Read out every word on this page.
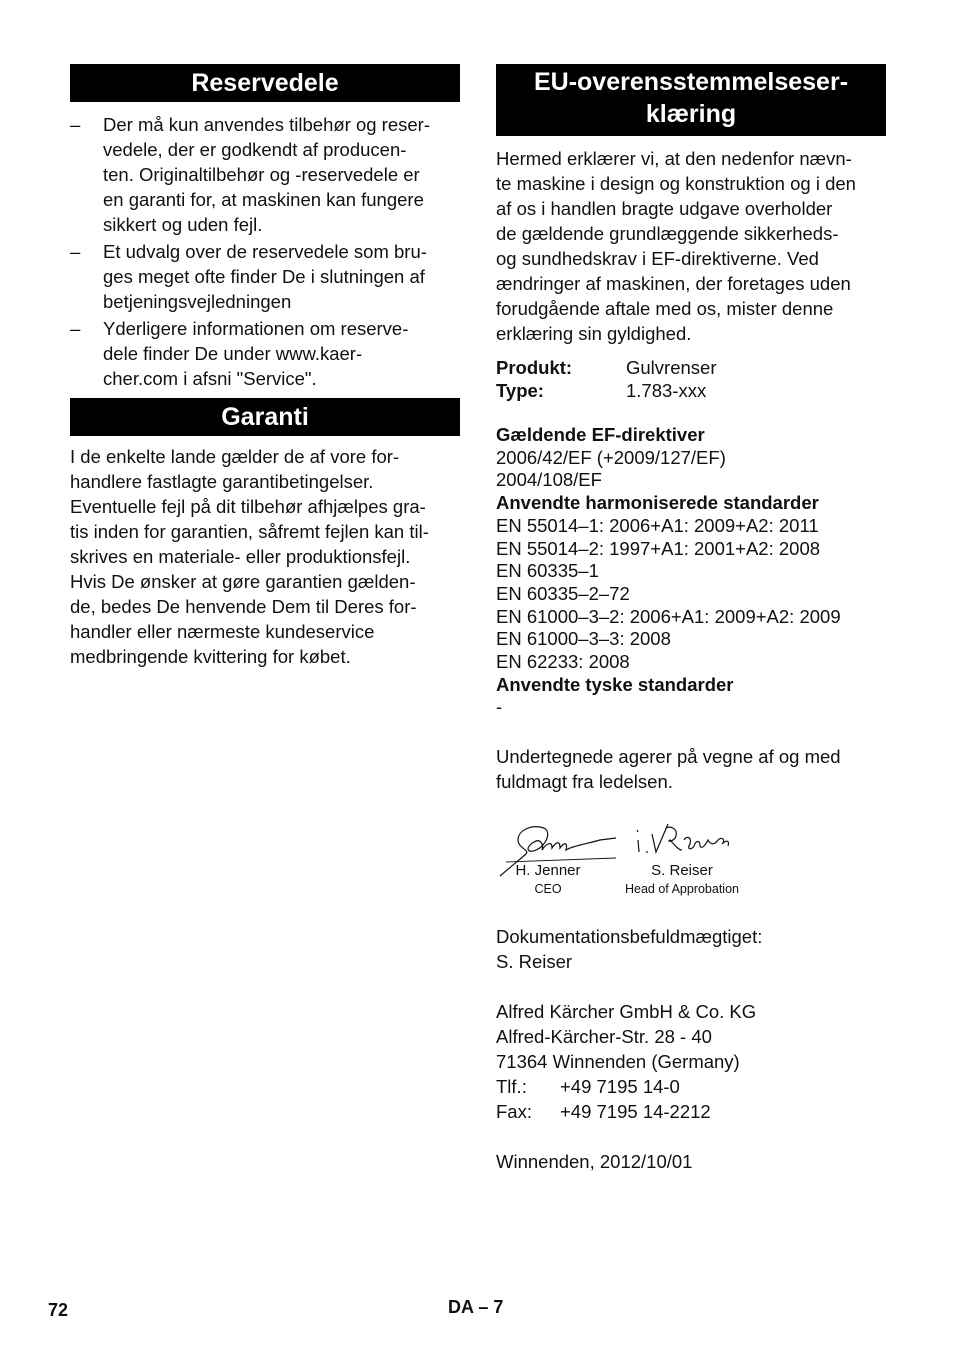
Reservedele
– Der må kun anvendes tilbehør og reser-
vedele, der er godkendt af producen-
ten. Originaltilbehør og -reservedele er
en garanti for, at maskinen kan fungere
sikkert og uden fejl.
– Et udvalg over de reservedele som bru-
ges meget ofte finder De i slutningen af
betjeningsvejledningen
– Yderligere informationen om reserve-
dele finder De under www.kaer-
cher.com i afsni "Service".
Garanti
I de enkelte lande gælder de af vore for-
handlere fastlagte garantibetingelser.
Eventuelle fejl på dit tilbehør afhjælpes gra-
tis inden for garantien, såfremt fejlen kan til-
skrives en materiale- eller produktionsfejl.
Hvis De ønsker at gøre garantien gælden-
de, bedes De henvende Dem til Deres for-
handler eller nærmeste kundeservice
medbringende kvittering for købet.
EU-overensstemmelseser-
klæring
Hermed erklærer vi, at den nedenfor nævn-
te maskine i design og konstruktion og i den
af os i handlen bragte udgave overholder
de gældende grundlæggende sikkerheds-
og sundhedskrav i EF-direktiverne. Ved
ændringer af maskinen, der foretages uden
forudgående aftale med os, mister denne
erklæring sin gyldighed.
Produkt:	Gulvrenser
Type:	1.783-xxx
Gældende EF-direktiver
2006/42/EF (+2009/127/EF)
2004/108/EF
Anvendte harmoniserede standarder
EN 55014–1: 2006+A1: 2009+A2: 2011
EN 55014–2: 1997+A1: 2001+A2: 2008
EN 60335–1
EN 60335–2–72
EN 61000–3–2: 2006+A1: 2009+A2: 2009
EN 61000–3–3: 2008
EN 62233: 2008
Anvendte tyske standarder
-
Undertegnede agerer på vegne af og med
fuldmagt fra ledelsen.
H. Jenner
CEO
S. Reiser
Head of Approbation
Dokumentationsbefuldmægtiget:
S. Reiser
Alfred Kärcher GmbH & Co. KG
Alfred-Kärcher-Str. 28 - 40
71364 Winnenden (Germany)
Tlf.:	+49 7195 14-0
Fax:	+49 7195 14-2212
Winnenden, 2012/10/01
72	DA – 7
